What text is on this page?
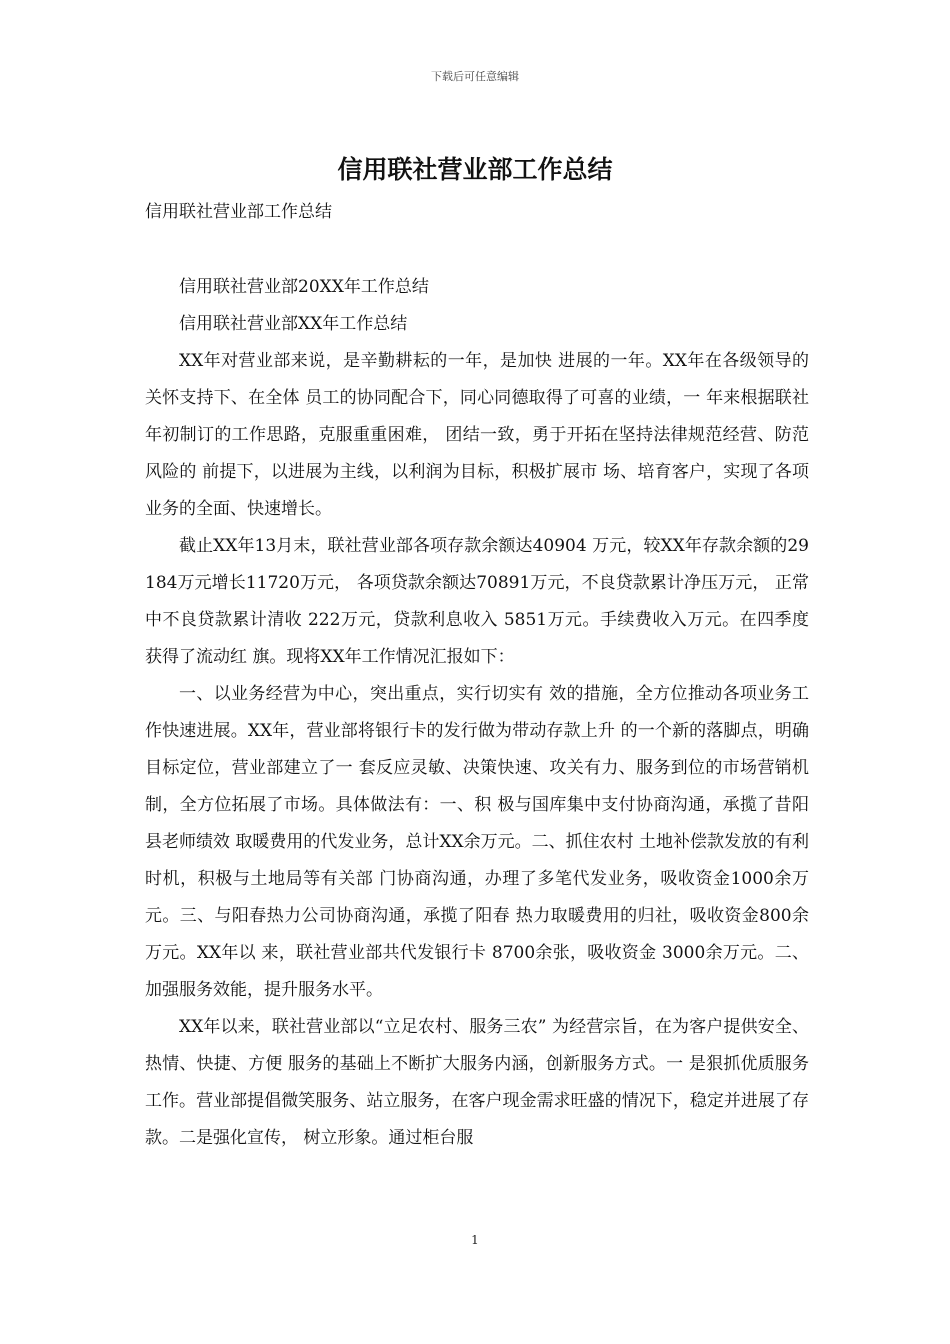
下载后可任意编辑
信用联社营业部工作总结

信用联社营业部工作总结

信用联社营业部20XX年工作总结

信用联社营业部XX年工作总结

XX年对营业部来说，是辛勤耕耘的一年，是加快 进展的一年。XX年在各级领导的关怀支持下、在全体 员工的协同配合下，同心同德取得了可喜的业绩，一 年来根据联社年初制订的工作思路，克服重重困难， 团结一致，勇于开拓在坚持法律规范经营、防范风险的 前提下，以进展为主线，以利润为目标，积极扩展市 场、培育客户，实现了各项业务的全面、快速增长。

截止XX年13月末，联社营业部各项存款余额达40904 万元，较XX年存款余额的29184万元增长11720万元， 各项贷款余额达70891万元，不良贷款累计净压万元， 正常中不良贷款累计清收 222万元，贷款利息收入 5851万元。手续费收入万元。在四季度获得了流动红 旗。现将XX年工作情况汇报如下：

一、以业务经营为中心，突出重点，实行切实有 效的措施，全方位推动各项业务工作快速进展。XX年，营业部将银行卡的发行做为带动存款上升 的一个新的落脚点，明确目标定位，营业部建立了一 套反应灵敏、决策快速、攻关有力、服务到位的市场营销机制，全方位拓展了市场。具体做法有：一、积 极与国库集中支付协商沟通，承揽了昔阳县老师绩效 取暖费用的代发业务，总计XX余万元。二、抓住农村 土地补偿款发放的有利时机，积极与土地局等有关部 门协商沟通，办理了多笔代发业务，吸收资金1000余万元。三、与阳春热力公司协商沟通，承揽了阳春 热力取暖费用的归社，吸收资金800余万元。XX年以 来，联社营业部共代发银行卡 8700余张，吸收资金 3000余万元。二、加强服务效能，提升服务水平。

XX年以来，联社营业部以“立足农村、服务三农” 为经营宗旨，在为客户提供安全、热情、快捷、方便 服务的基础上不断扩大服务内涵，创新服务方式。一 是狠抓优质服务工作。营业部提倡微笑服务、站立服务，在客户现金需求旺盛的情况下，稳定并进展了存款。二是强化宣传， 树立形象。通过柜台服

1
